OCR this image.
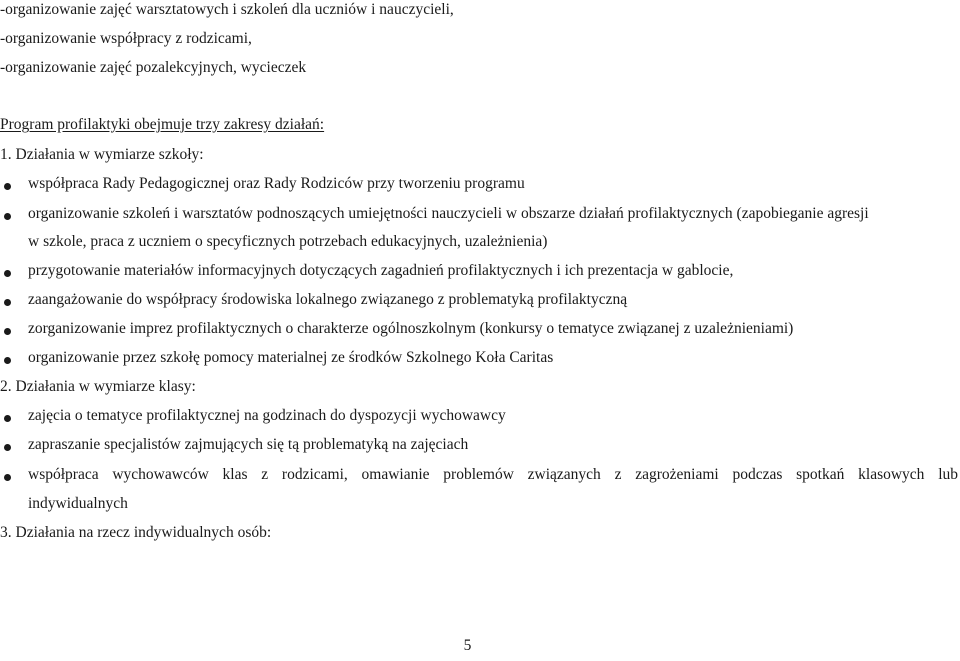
-organizowanie zajęć warsztatowych i szkoleń dla uczniów i nauczycieli,
-organizowanie współpracy z rodzicami,
-organizowanie zajęć pozalekcyjnych, wycieczek
Program profilaktyki obejmuje trzy zakresy działań:
1. Działania w wymiarze szkoły:
współpraca Rady Pedagogicznej oraz Rady Rodziców przy tworzeniu programu
organizowanie szkoleń i warsztatów podnoszących umiejętności nauczycieli w obszarze działań profilaktycznych (zapobieganie agresji
w szkole, praca z uczniem o specyficznych potrzebach edukacyjnych, uzależnienia)
przygotowanie materiałów informacyjnych dotyczących zagadnień profilaktycznych i ich prezentacja w gablocie,
zaangażowanie do współpracy środowiska lokalnego związanego z problematyką profilaktyczną
zorganizowanie imprez profilaktycznych o charakterze ogólnoszkolnym (konkursy o tematyce związanej z uzależnieniami)
organizowanie przez szkołę pomocy materialnej ze środków Szkolnego Koła Caritas
2. Działania w wymiarze klasy:
zajęcia o tematyce profilaktycznej na godzinach do dyspozycji wychowawcy
zapraszanie specjalistów zajmujących się tą problematyką na zajęciach
współpraca wychowawców klas z rodzicami, omawianie problemów związanych z zagrożeniami podczas spotkań klasowych lub
indywidualnych
3. Działania na rzecz indywidualnych osób:
5
